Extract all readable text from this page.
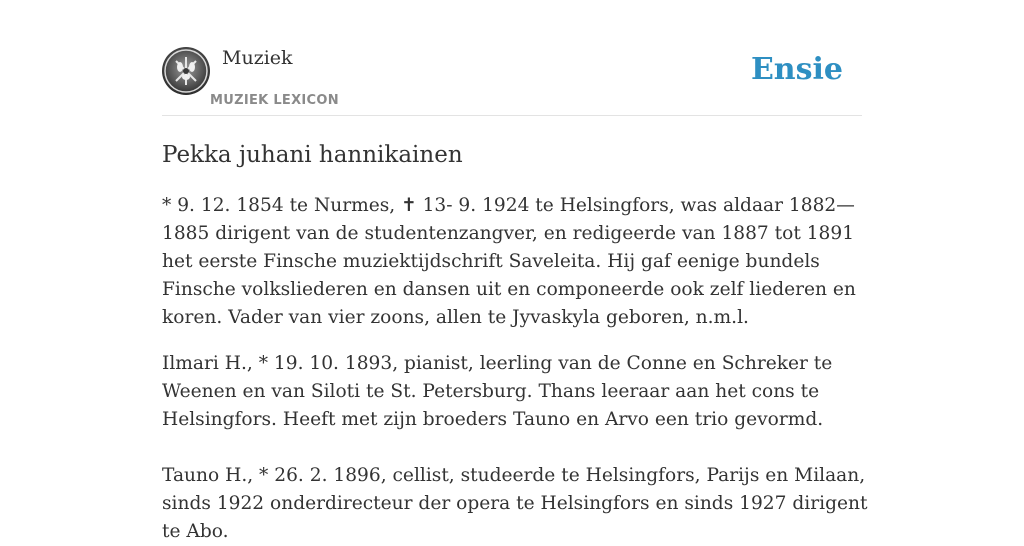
Muziek
MUZIEK LEXICON
Ensie
Pekka juhani hannikainen

* 9. 12. 1854 te Nurmes, ✝ 13- 9. 1924 te Helsingfors, was aldaar 1882—1885 dirigent van de studentenzangver, en redigeerde van 1887 tot 1891 het eerste Finsche muziektijdschrift Saveleita. Hij gaf eenige bundels Finsche volksliederen en dansen uit en componeerde ook zelf liederen en koren. Vader van vier zoons, allen te Jyvaskyla geboren, n.m.l.

Ilmari H., * 19. 10. 1893, pianist, leerling van de Conne en Schreker te Weenen en van Siloti te St. Petersburg. Thans leeraar aan het cons te Helsingfors. Heeft met zijn broeders Tauno en Arvo een trio gevormd.

Tauno H., * 26. 2. 1896, cellist, studeerde te Helsingfors, Parijs en Milaan, sinds 1922 onderdirecteur der opera te Helsingfors en sinds 1927 dirigent te Abo.
